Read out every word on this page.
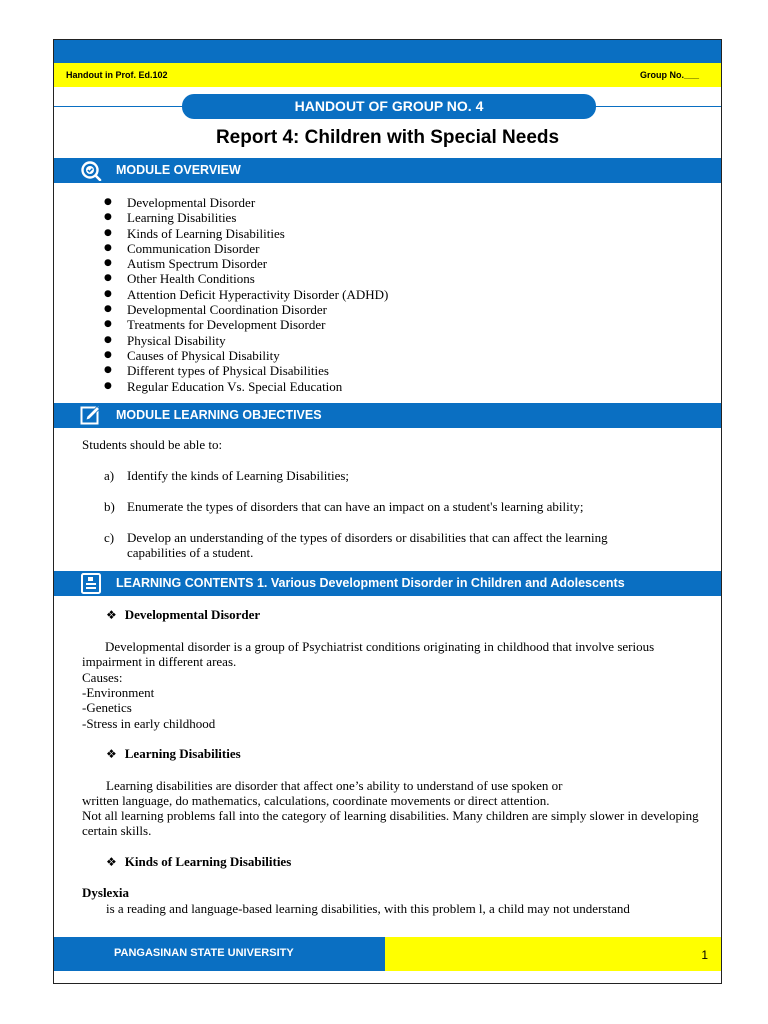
Handout in Prof. Ed.102	Group No.___
HANDOUT OF GROUP NO. 4
Report 4: Children with Special Needs
MODULE OVERVIEW
● Developmental Disorder
● Learning Disabilities
● Kinds of Learning Disabilities
● Communication Disorder
● Autism Spectrum Disorder
● Other Health Conditions
● Attention Deficit Hyperactivity Disorder (ADHD)
● Developmental Coordination Disorder
● Treatments for Development Disorder
● Physical Disability
● Causes of Physical Disability
● Different types of Physical Disabilities
● Regular Education Vs. Special Education
MODULE LEARNING OBJECTIVES
Students should be able to:
a) Identify the kinds of Learning Disabilities;
b) Enumerate the types of disorders that can have an impact on a student's learning ability;
c) Develop an understanding of the types of disorders or disabilities that can affect the learning capabilities of a student.
LEARNING CONTENTS 1. Various Development Disorder in Children and Adolescents
❖ Developmental Disorder
Developmental disorder is a group of Psychiatrist conditions originating in childhood that involve serious impairment in different areas.
Causes:
-Environment
-Genetics
-Stress in early childhood
❖ Learning Disabilities
Learning disabilities are disorder that affect one’s ability to understand of use spoken or
written language, do mathematics, calculations, coordinate movements or direct attention.
Not all learning problems fall into the category of learning disabilities. Many children are simply slower in developing certain skills.
❖ Kinds of Learning Disabilities
Dyslexia
is a reading and language-based learning disabilities, with this problem l, a child may not understand
PANGASINAN STATE UNIVERSITY	1
